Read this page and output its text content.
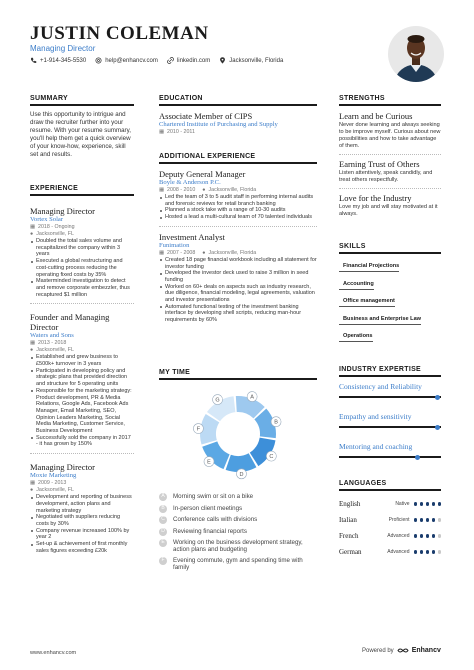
JUSTIN COLEMAN
Managing Director
+1-914-345-5530	help@enhancv.com	linkedin.com	Jacksonville, Florida
SUMMARY
Use this opportunity to intrigue and draw the recruiter further into your resume. With your resume summary, you'll help them get a quick overview of your know-how, experience, skill set and results.
EXPERIENCE
Managing Director
Vortex Solar
▦ 2018 - Ongoing
● Jacksonville, FL
Doubled the total sales volume and recapitalized the company within 3 years
Executed a global restructuring and cost-cutting process reducing the operating fixed costs by 35%
Masterminded investigation to detect and remove corporate embezzler, thus recaptured $1 million
Founder and Managing Director
Waters and Sons
▦ 2013 - 2018
● Jacksonville, FL
Established and grew business to £500k+ turnover in 3 years
Participated in developing policy and strategic plans that provided direction and structure for 5 operating units
Responsible for the marketing strategy: Product development, PR & Media Relations, Google Ads, Facebook Ads Manager, Email Marketing, SEO, Opinion Leaders Marketing, Social Media Marketing, Customer Service, Business Development
Successfully sold the company in 2017 - it has grown by 150%
Managing Director
Moxie Marketing
▦ 2009 - 2013
● Jacksonville, FL
Development and reporting of business development, action plans and marketing strategy
Negotiated with suppliers reducing costs by 30%
Company revenue increased 100% by year 2
Set-up & achievement of first monthly sales figures exceeding £20k
EDUCATION
Associate Member of CIPS
Chartered Institute of Purchasing and Supply
▦ 2010 - 2011
ADDITIONAL EXPERIENCE
Deputy General Manager
Boyle & Anderson P.C.
▦ 2008 - 2010 ● Jacksonville, Florida
Led the team of 3 to 5 audit staff in performing internal audits and forensic reviews for retail branch banking
Planned a stock take with a range of 10-30 audits
Hosted a lead a multi-cultural team of 70 talented individuals
Investment Analyst
Funimation
▦ 2007 - 2008 ● Jacksonville, Florida
Created 18 page financial workbook including all statement for investor funding
Developed the investor deck used to raise 3 million in seed funding
Worked on 60+ deals on aspects such as industry research, due diligence, financial modeling, legal agreements, valuation and investor presentations
Automated functional testing of the investment banking interface by developing shell scripts, reducing man-hour requirements by 60%
MY TIME
A
B
C
D
E
F
G
A	Morning swim or sit on a bike
B	In-person client meetings
C	Conference calls with divisions
D	Reviewing financial reports
E	Working on the business development strategy, action plans and budgeting
F	Evening commute, gym and spending time with family
STRENGTHS
Learn and be Curious
Never done learning and always seeking to be improve myself. Curious about new possibilities and how to take advantage of them.
Earning Trust of Others
Listen attentively, speak candidly, and treat others respectfully.
Love for the Industry
Love my job and will stay motivated at it always.
SKILLS
Financial Projections
Accounting
Office management
Business and Enterprise Law
Operations
INDUSTRY EXPERTISE
Consistency and Reliability
Empathy and sensitivity
Mentoring and coaching
LANGUAGES
English	Native
Italian	Proficient
French	Advanced
German	Advanced
www.enhancv.com	Powered by	Enhancv
